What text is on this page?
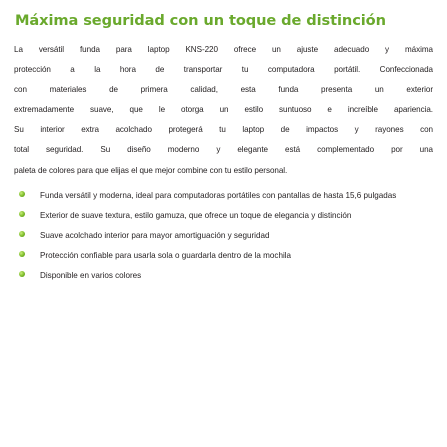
Máxima seguridad con un toque de distinción

La versátil funda para laptop KNS-220 ofrece un ajuste adecuado y máxima
protección a la hora de transportar tu computadora portátil. Confeccionada
con materiales de primera calidad, esta funda presenta un exterior
extremadamente suave, que le otorga un estilo suntuoso e increíble apariencia.
Su interior extra acolchado protegerá tu laptop de impactos y rayones con
total seguridad. Su diseño moderno y elegante está complementado por una
paleta de colores para que elijas el que mejor combine con tu estilo personal.

Funda versátil y moderna, ideal para computadoras portátiles con pantallas de hasta 15,6 pulgadas
Exterior de suave textura, estilo gamuza, que ofrece un toque de elegancia y distinción
Suave acolchado interior para mayor amortiguación y seguridad
Protección confiable para usarla sola o guardarla dentro de la mochila
Disponible en varios colores
